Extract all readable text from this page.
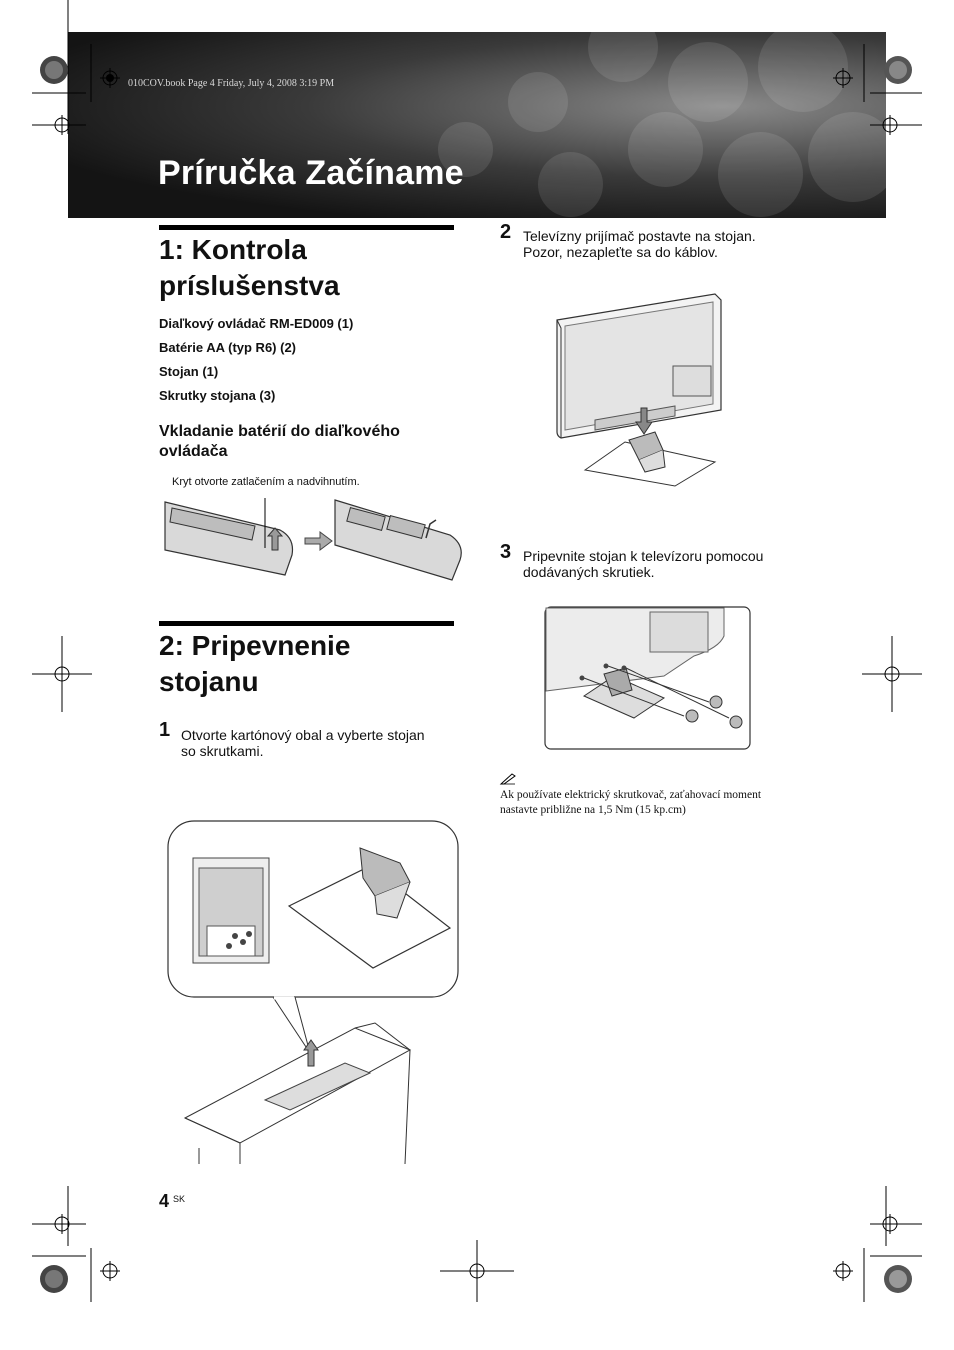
010COV.book Page 4 Friday, July 4, 2008 3:19 PM
Príručka Začíname
1: Kontrola
príslušenstva
Diaľkový ovládač RM-ED009 (1)
Batérie AA (typ R6) (2)
Stojan (1)
Skrutky stojana (3)
Vkladanie batérií do diaľkového
ovládača
Kryt otvorte zatlačením a nadvihnutím.
2: Pripevnenie
stojanu
1 Otvorte kartónový obal a vyberte stojan
so skrutkami.
2 Televízny prijímač postavte na stojan.
Pozor, nezapleťte sa do káblov.
3 Pripevnite stojan k televízoru pomocou
dodávaných skrutiek.
Ak používate elektrický skrutkovač, zaťahovací moment
nastavte približne na 1,5 Nm (15 kp.cm)
4 SK
